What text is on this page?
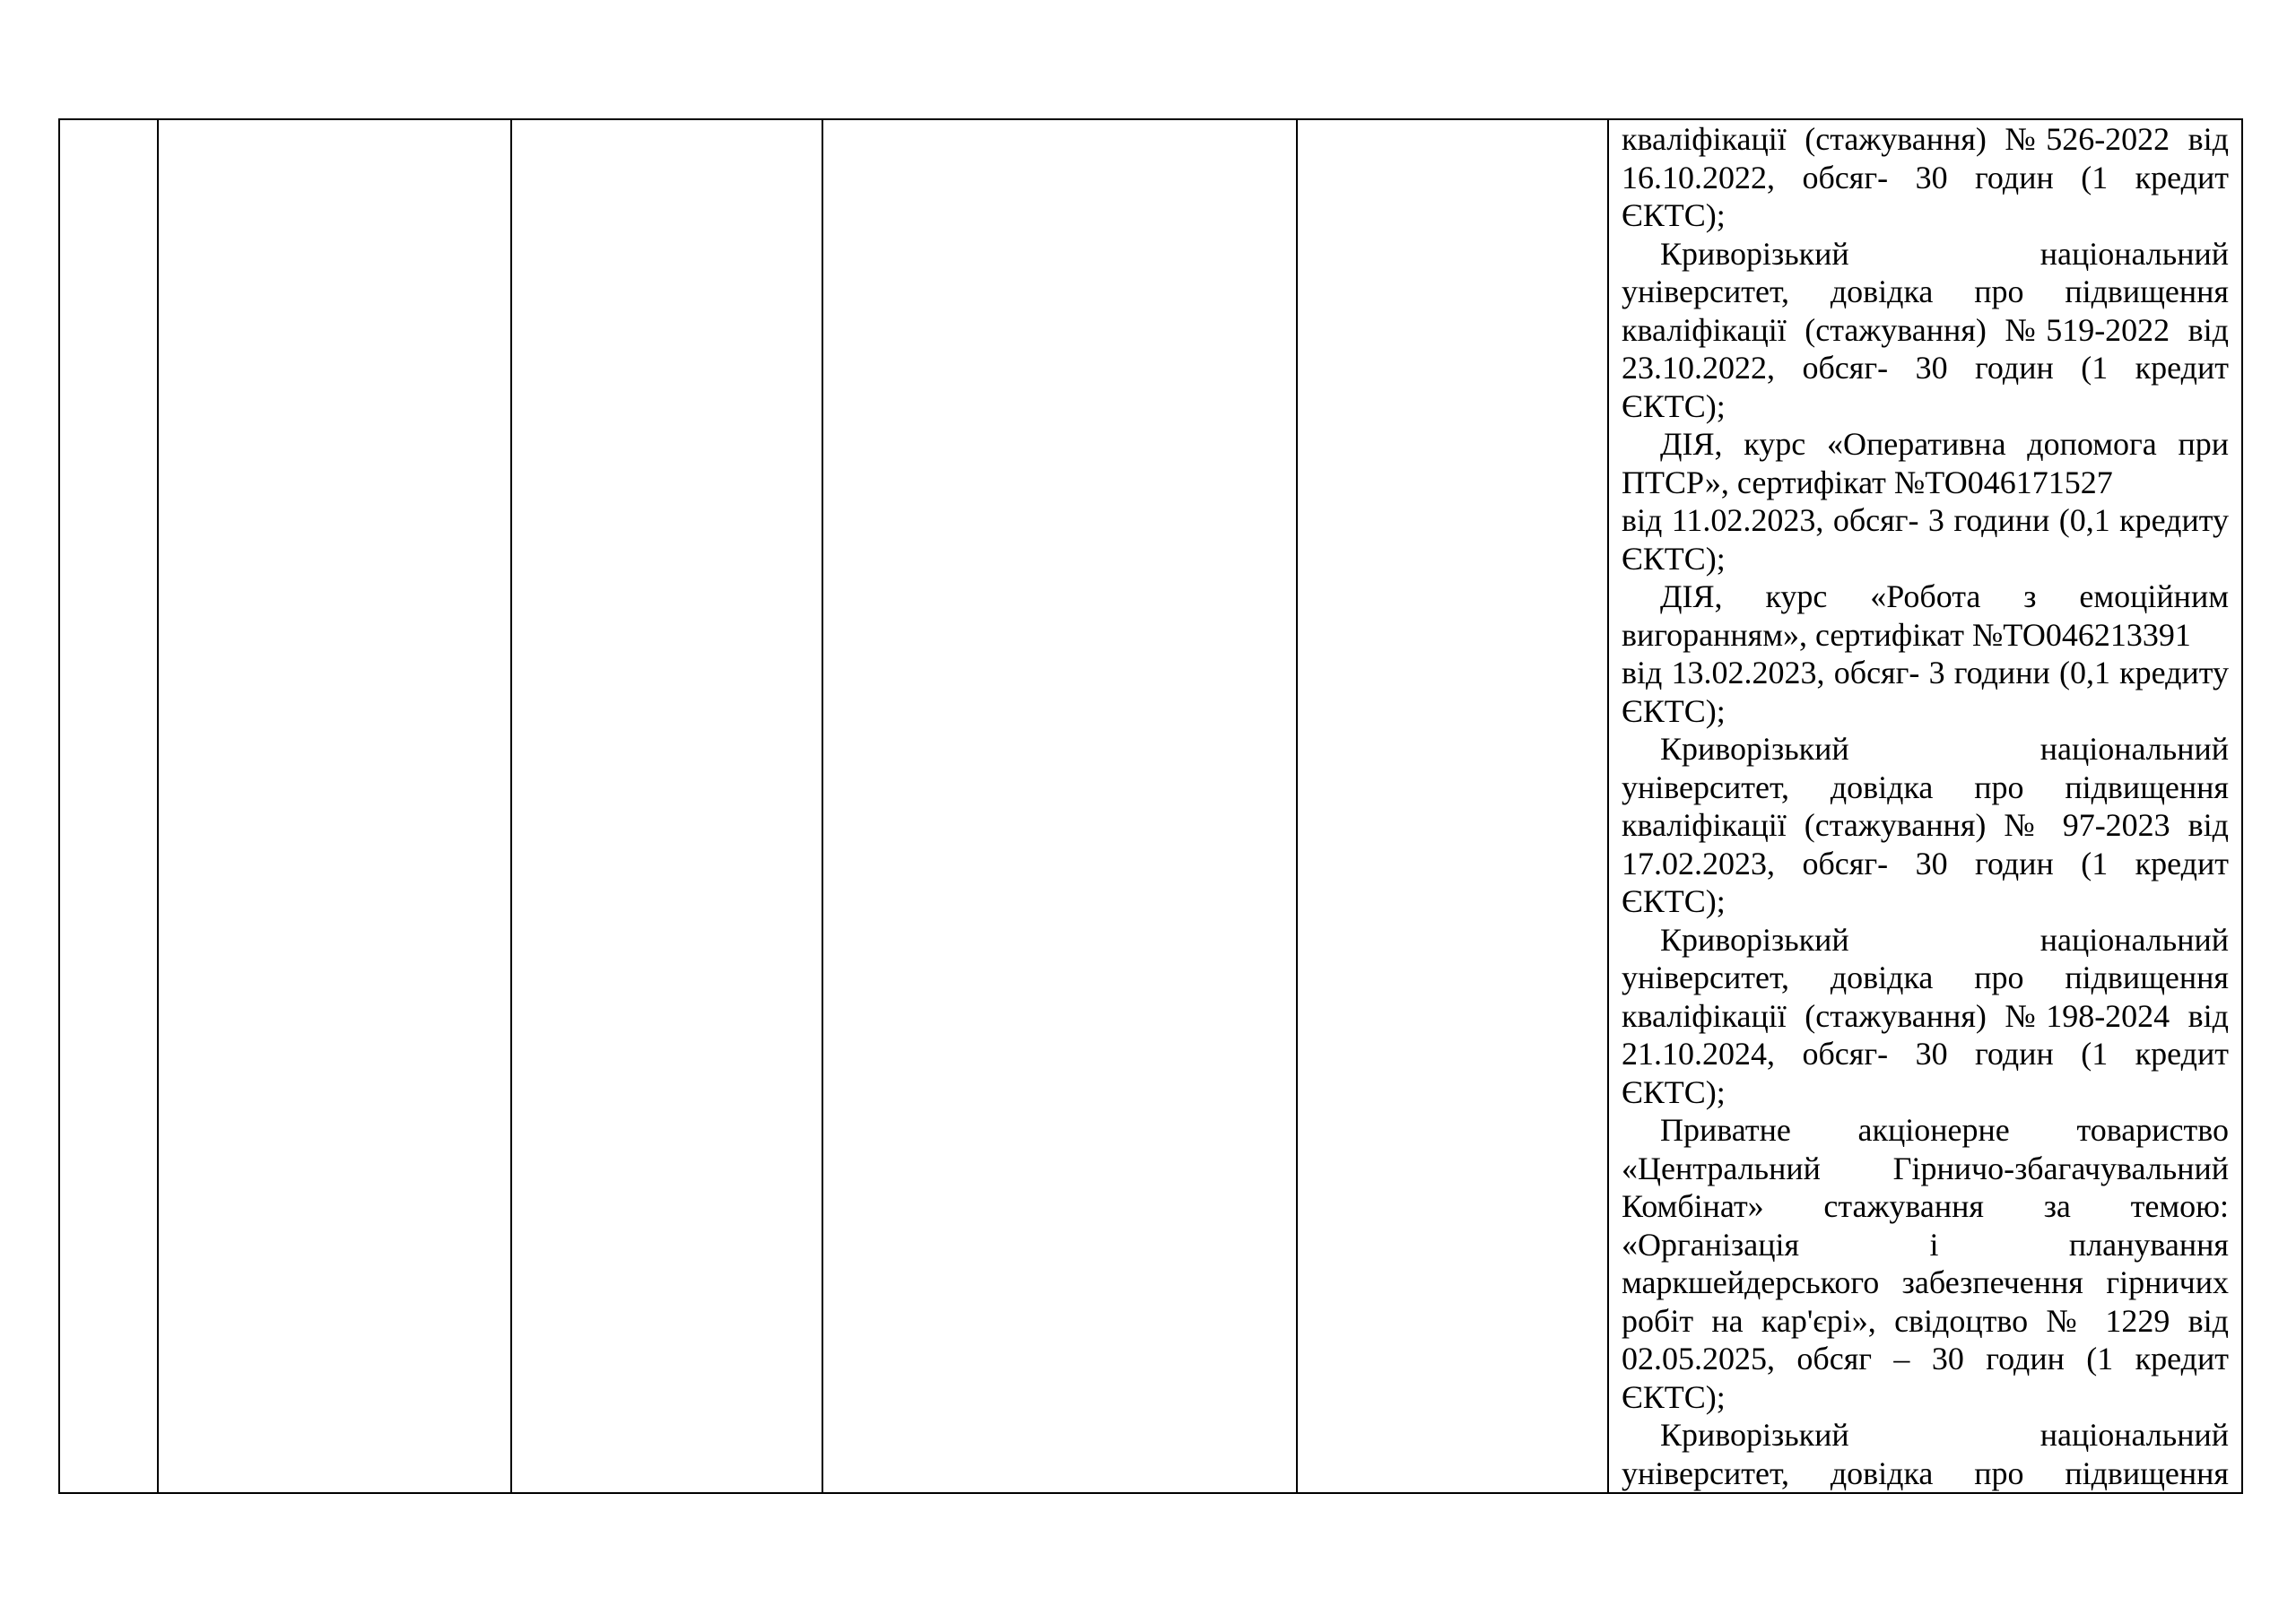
кваліфікації (стажування) №526-2022 від
16.10.2022, обсяг- 30 годин (1 кредит
ЄКТС);
Криворізький національний
університет, довідка про підвищення
кваліфікації (стажування) №519-2022 від
23.10.2022, обсяг- 30 годин (1 кредит
ЄКТС);
ДІЯ, курс «Оперативна допомога при
ПТСР», сертифікат №ТО046171527
від 11.02.2023, обсяг- 3 години (0,1 кредиту
ЄКТС);
ДІЯ, курс «Робота з емоційним
вигоранням», сертифікат №ТО046213391
від 13.02.2023, обсяг- 3 години (0,1 кредиту
ЄКТС);
Криворізький національний
університет, довідка про підвищення
кваліфікації (стажування) № 97-2023 від
17.02.2023, обсяг- 30 годин (1 кредит
ЄКТС);
Криворізький національний
університет, довідка про підвищення
кваліфікації (стажування) №198-2024 від
21.10.2024, обсяг- 30 годин (1 кредит
ЄКТС);
Приватне акціонерне товариство
«Центральний Гірничо-збагачувальний
Комбінат» стажування за темою:
«Організація і планування
маркшейдерського забезпечення гірничих
робіт на кар'єрі», свідоцтво № 1229 від
02.05.2025, обсяг – 30 годин (1 кредит
ЄКТС);
Криворізький національний
університет, довідка про підвищення
